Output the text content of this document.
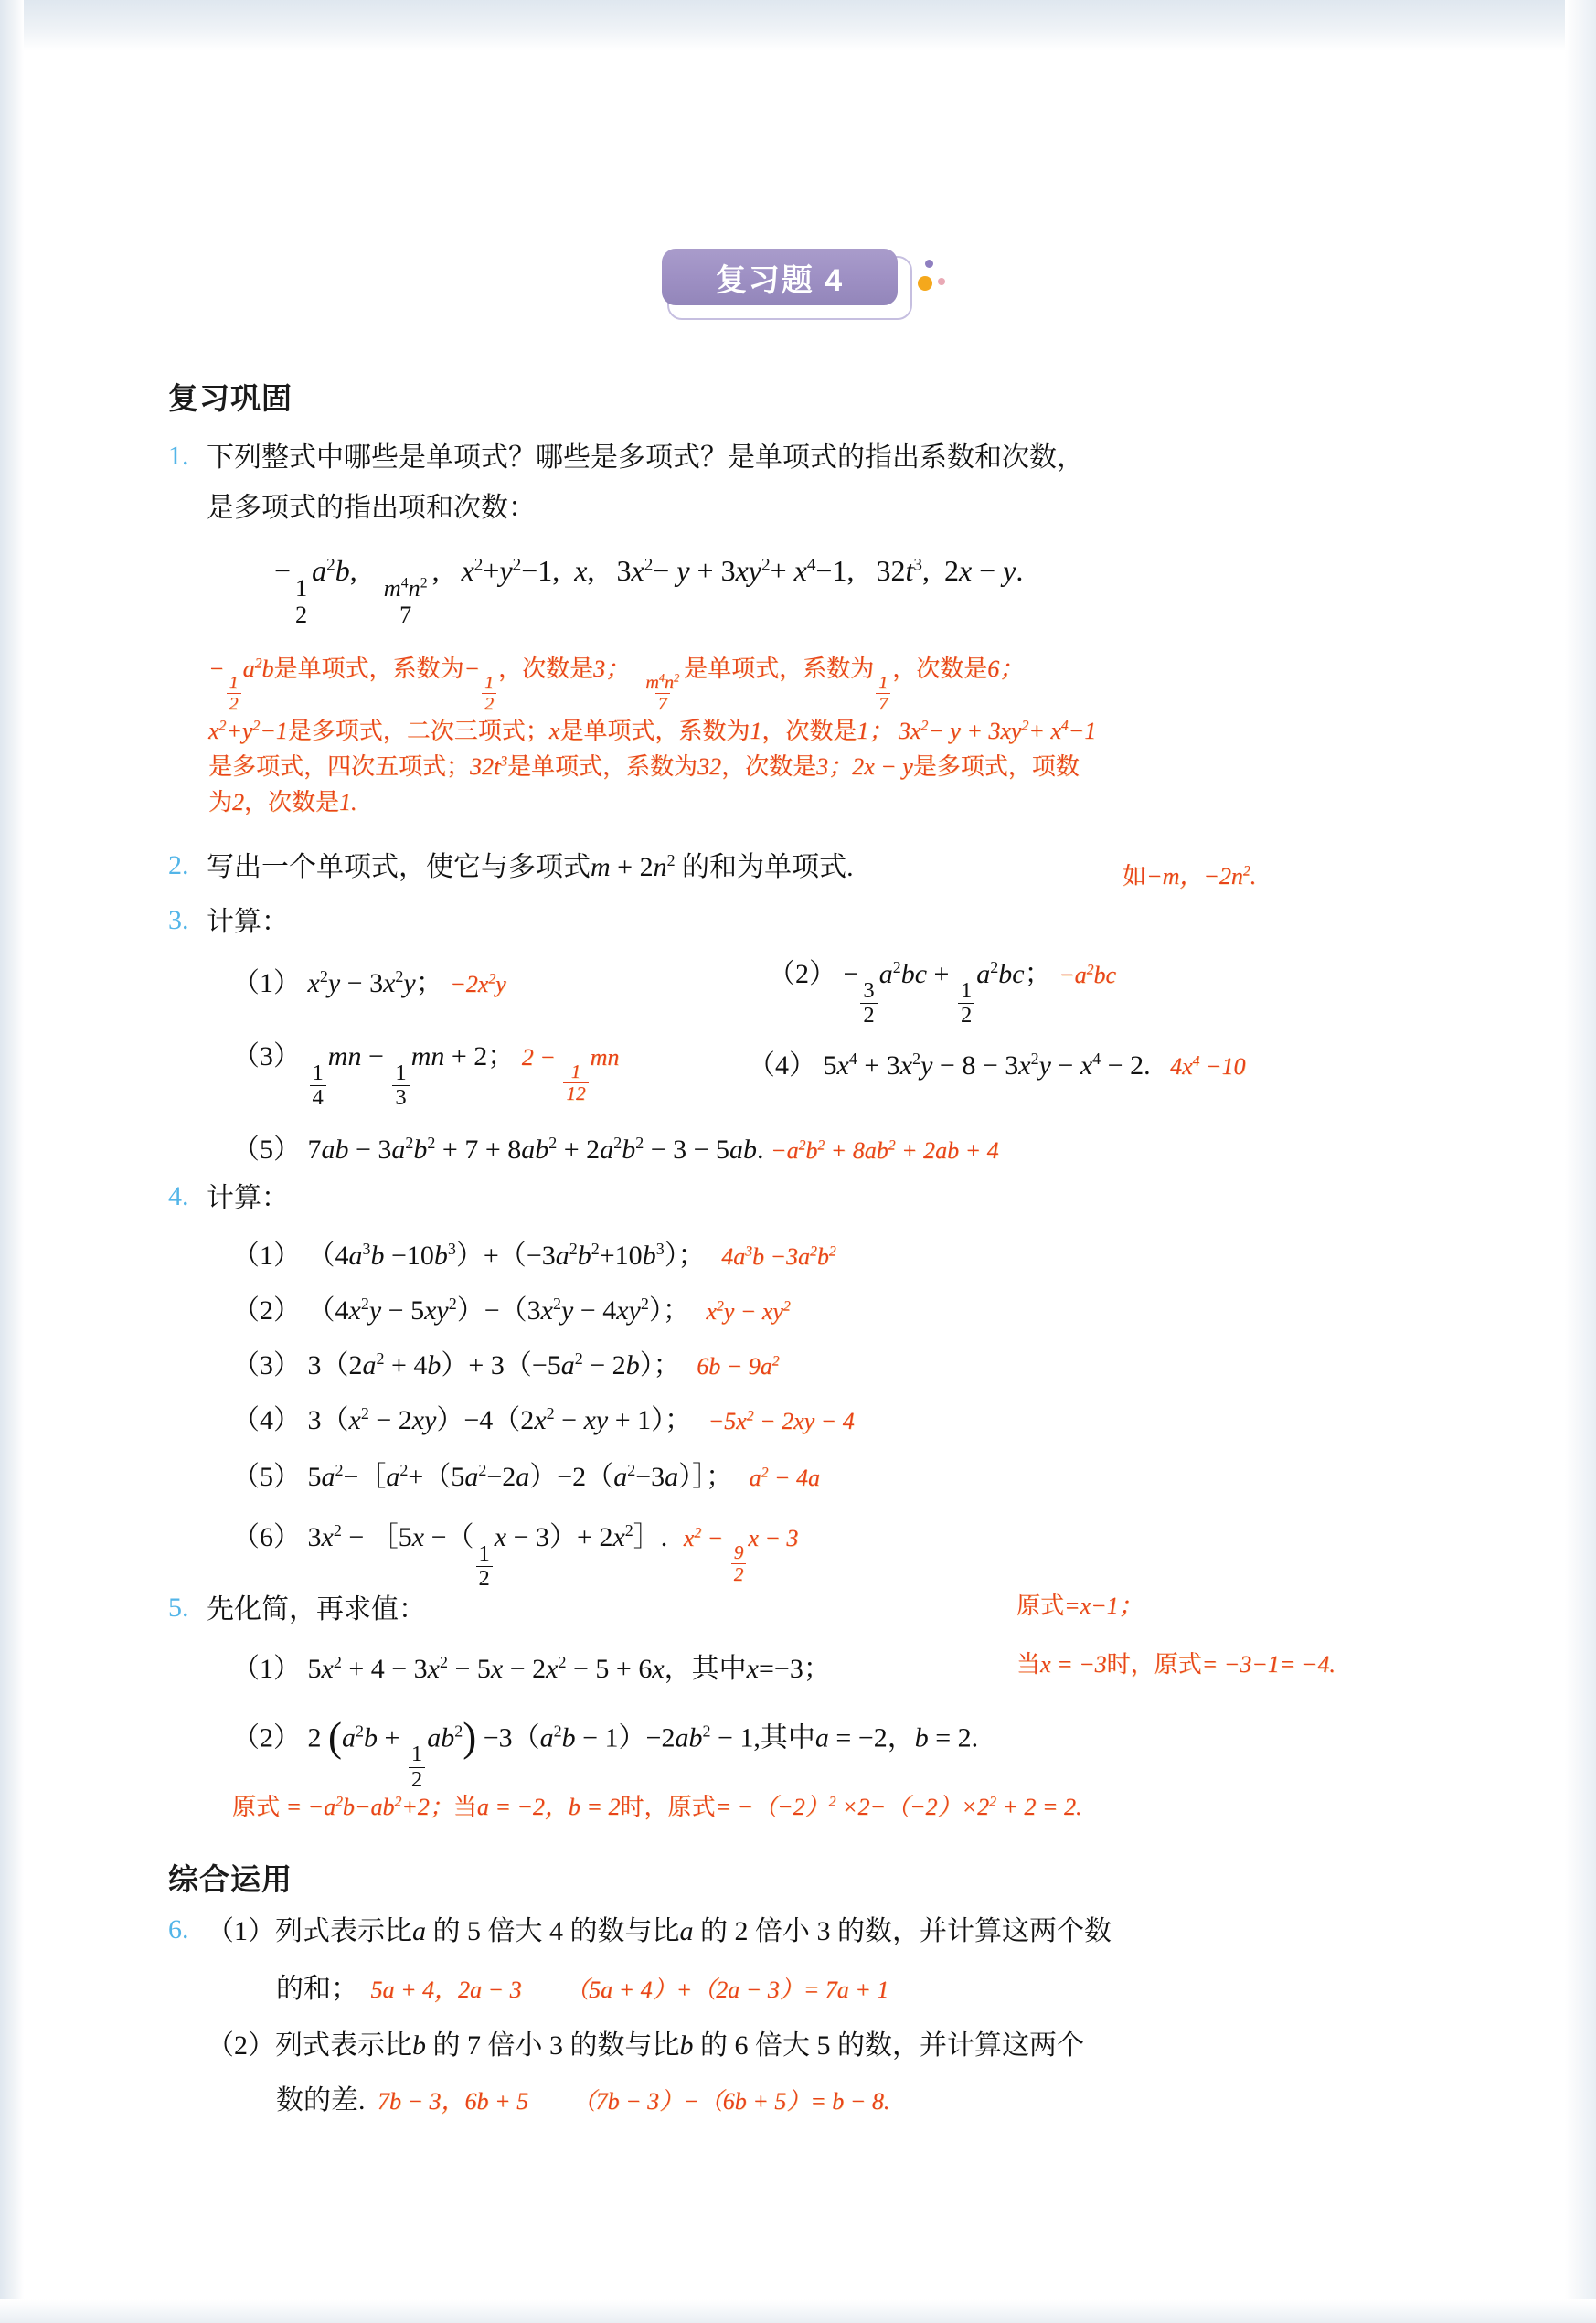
复习题 4
复习巩固
1. 下列整式中哪些是单项式？哪些是多项式？是单项式的指出系数和次数，
是多项式的指出项和次数：
−
$\frac{1}{2}$
$a^2b$,
$\frac{m^4n^2}{7}$
,   $x^2+y^2-1$,  x,   $3x^2- y + 3xy^2+ x^4-1$,   $32t^3$,  2x − y.
−
$\frac{1}{2}$
$a^2b$是单项式，系数为−
$\frac{1}{2}$
，次数是3；
$\frac{m^4n^2}{7}$
是单项式，系数为
$\frac{1}{7}$
，次数是6；
$x^2+y^2-1$是多项式，二次三项式；x是单项式，系数为1，次数是1； $3x^2- y + 3xy^2+ x^4-1$
是多项式，四次五项式；$32t^3$是单项式，系数为32，次数是3；2x − y是多项式，项数
为2，次数是1.
2. 写出一个单项式，使它与多项式$m + 2n^2$ 的和为单项式.	如−m，$-2n^2$.
3. 计算：
（1） $x^2y - 3x^2y$； $-2x^2y$	（2） −
$\frac{3}{2}$
$a^2bc$ +
$\frac{1}{2}$
$a^2bc$； $-a^2bc$
（3）
$\frac{1}{4}$
mn −
$\frac{1}{3}$
mn + 2； 2 −
$\frac{1}{12}$
mn	（4） $5x^4 + 3x^2y - 8 - 3x^2y - x^4 - 2$. $4x^4 -10$
（5） $7ab - 3a^2b^2 + 7 + 8ab^2 + 2a^2b^2 - 3 - 5ab$. $-a^2b^2 + 8ab^2 + 2ab + 4$
4. 计算：
（1） $(4a^3b -10b^3)+(-3a^2b^2+10b^3)$； $4a^3b -3a^2b^2$
（2） $(4x^2y - 5xy^2)-(3x^2y - 4xy^2)$； $x^2y - xy^2$
（3） $3(2a^2 + 4b)+ 3(-5a^2 - 2b)$； $6b - 9a^2$
（4） $3(x^2 - 2xy)-4(2x^2$ − xy + 1）； $-5x^2 - 2xy - 4$
（5） $5a^2-[a^2+(5a^2-2a)-2(a^2-3a)]$； $a^2 - 4a$
（6） $3x^2$ − ［5x −（
$\frac{1}{2}$
$x - 3)+ 2x^2]$. $x^2$ −
$\frac{9}{2}$
x − 3
5. 先化简，再求值：	原式=x−1；
（1） $5x^2 + 4 - 3x^2 - 5x - 2x^2 - 5 + 6x$，其中x=−3；	当x = −3时，原式= −3−1= −4.
（2） 2 ($a^2b$ +
$\frac{1}{2}$
$ab^2) -3(a^2b - 1)-2ab^2 - 1$,其中a = −2，b = 2.
原式 = $-a^2b-ab^2+2$；当a = −2，b = 2时，原式= $-(-2)^2 \times 2-(-2)\times 2^2 + 2 = 2$.
综合运用
6. （1）列式表示比a 的 5 倍大 4 的数与比a 的 2 倍小 3 的数，并计算这两个数
的和； 5a + 4，2a − 3 （5a + 4）+（2a − 3）= 7a + 1
（2）列式表示比b 的 7 倍小 3 的数与比b 的 6 倍大 5 的数，并计算这两个
数的差. 7b − 3，6b + 5 （7b − 3）−（6b + 5）= b − 8.
